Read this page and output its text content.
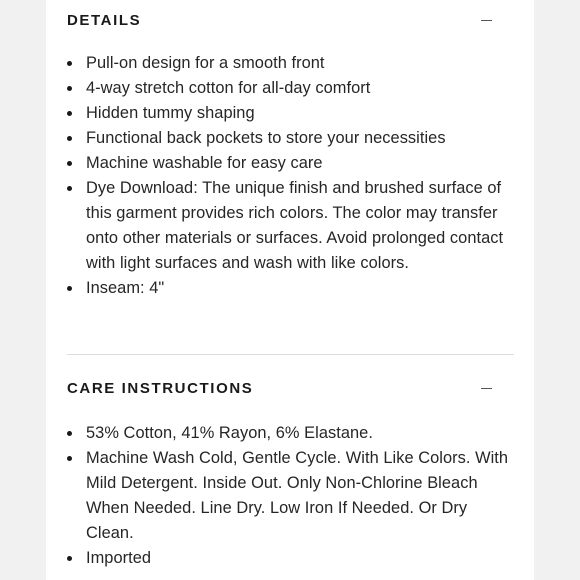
DETAILS
Pull-on design for a smooth front
4-way stretch cotton for all-day comfort
Hidden tummy shaping
Functional back pockets to store your necessities
Machine washable for easy care
Dye Download: The unique finish and brushed surface of this garment provides rich colors. The color may transfer onto other materials or surfaces. Avoid prolonged contact with light surfaces and wash with like colors.
Inseam: 4"
CARE INSTRUCTIONS
53% Cotton, 41% Rayon, 6% Elastane.
Machine Wash Cold, Gentle Cycle. With Like Colors. With Mild Detergent. Inside Out. Only Non-Chlorine Bleach When Needed. Line Dry. Low Iron If Needed. Or Dry Clean.
Imported
